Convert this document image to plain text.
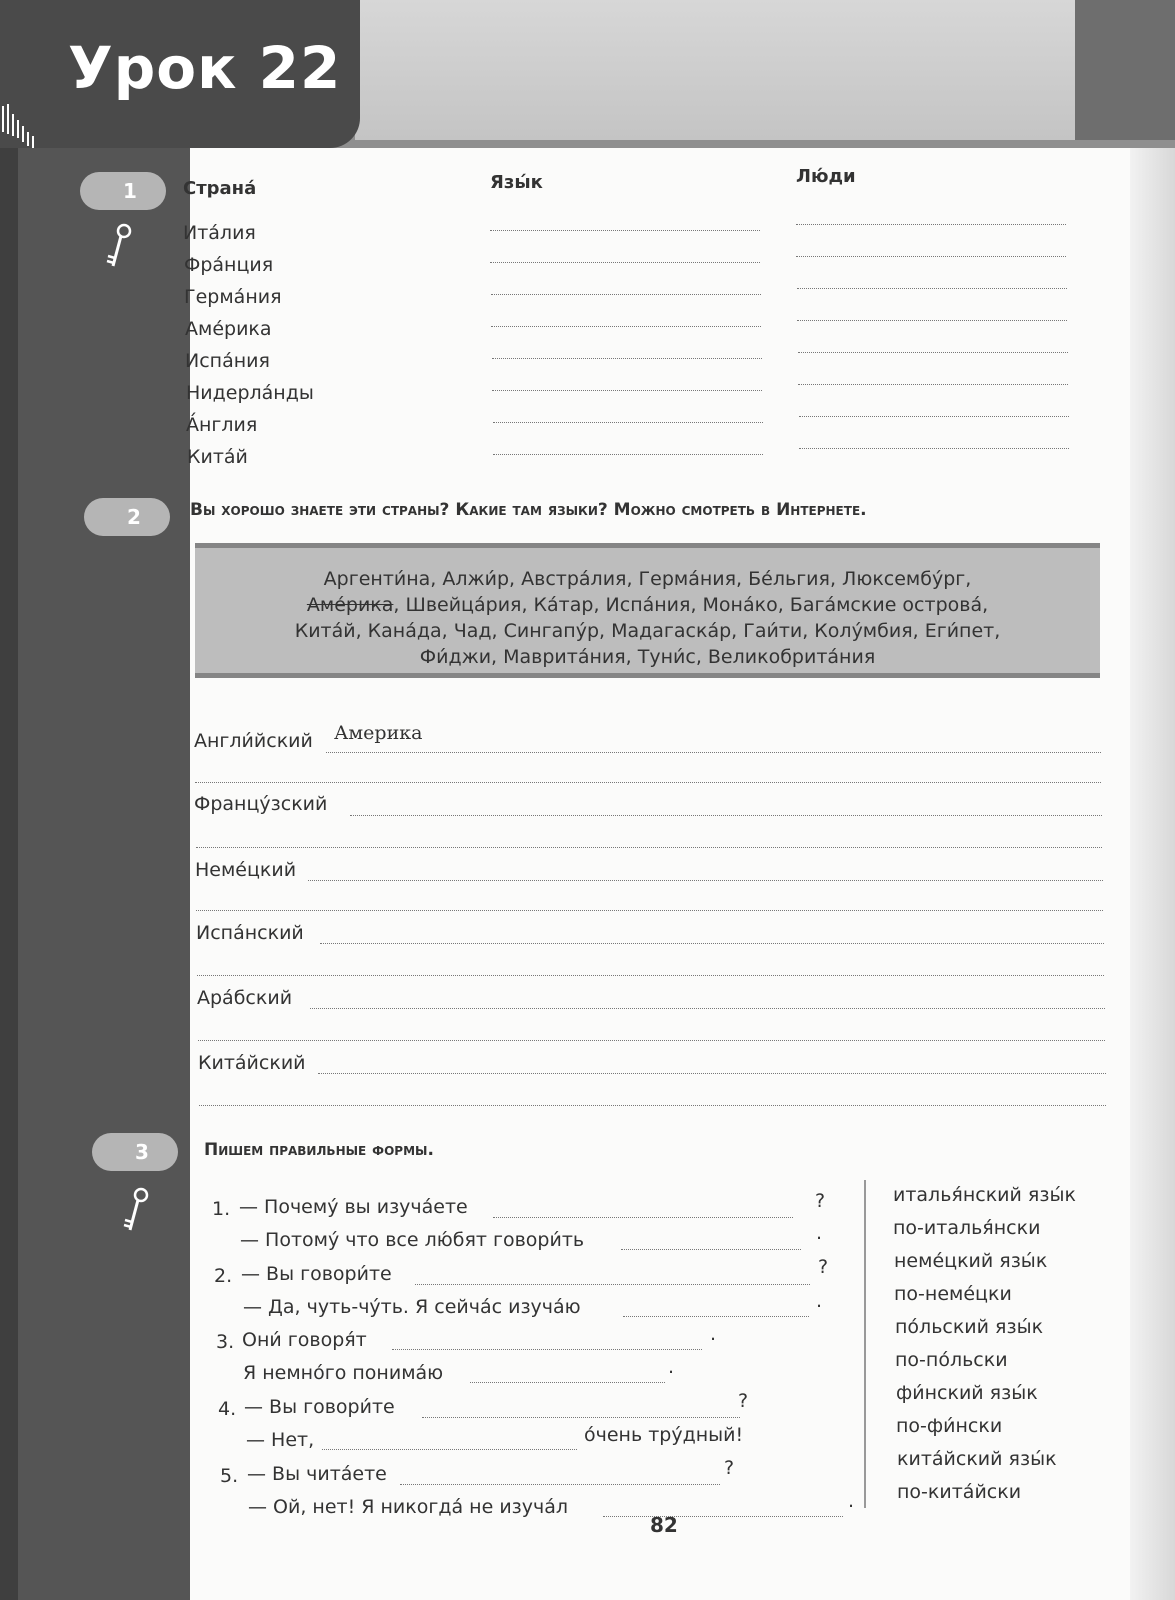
Урок 22
1	Страна́	Язы́к	Лю́ди
Ита́лия
Фра́нция
Герма́ния
Аме́рика
Испа́ния
Нидерла́нды
А́нглия
Кита́й
2	Вы хорошо знаете эти страны? Какие там языки? Можно смотреть в Интернете.
Аргенти́на, Алжи́р, Австра́лия, Герма́ния, Бе́льгия, Люксембу́рг,
Аме́рика, Швейца́рия, Ка́тар, Испа́ния, Мона́ко, Бага́мские острова́,
Кита́й, Кана́да, Чад, Сингапу́р, Мадагаска́р, Гаи́ти, Колу́мбия, Еги́пет,
Фи́джи, Маврита́ния, Туни́с, Великобрита́ния
Англи́йский Америка
Францу́зский
Неме́цкий
Испа́нский
Ара́бский
Кита́йский
3	Пишем правильные формы.
1. — Почему́ вы изуча́ете	?
— Потому́ что все лю́бят говори́ть	.
2. — Вы говори́те	?
— Да, чуть-чу́ть. Я сейча́с изуча́ю	.
3. Они́ говоря́т	.
Я немно́го понима́ю	.
4. — Вы говори́те	?
— Нет,	о́чень тру́дный!
5. — Вы чита́ете	?
— Ой, нет! Я никогда́ не изуча́л	.
италья́нский язы́к
по-италья́нски
неме́цкий язы́к
по-неме́цки
по́льский язы́к
по-по́льски
фи́нский язы́к
по-фи́нски
кита́йский язы́к
по-кита́йски
82
